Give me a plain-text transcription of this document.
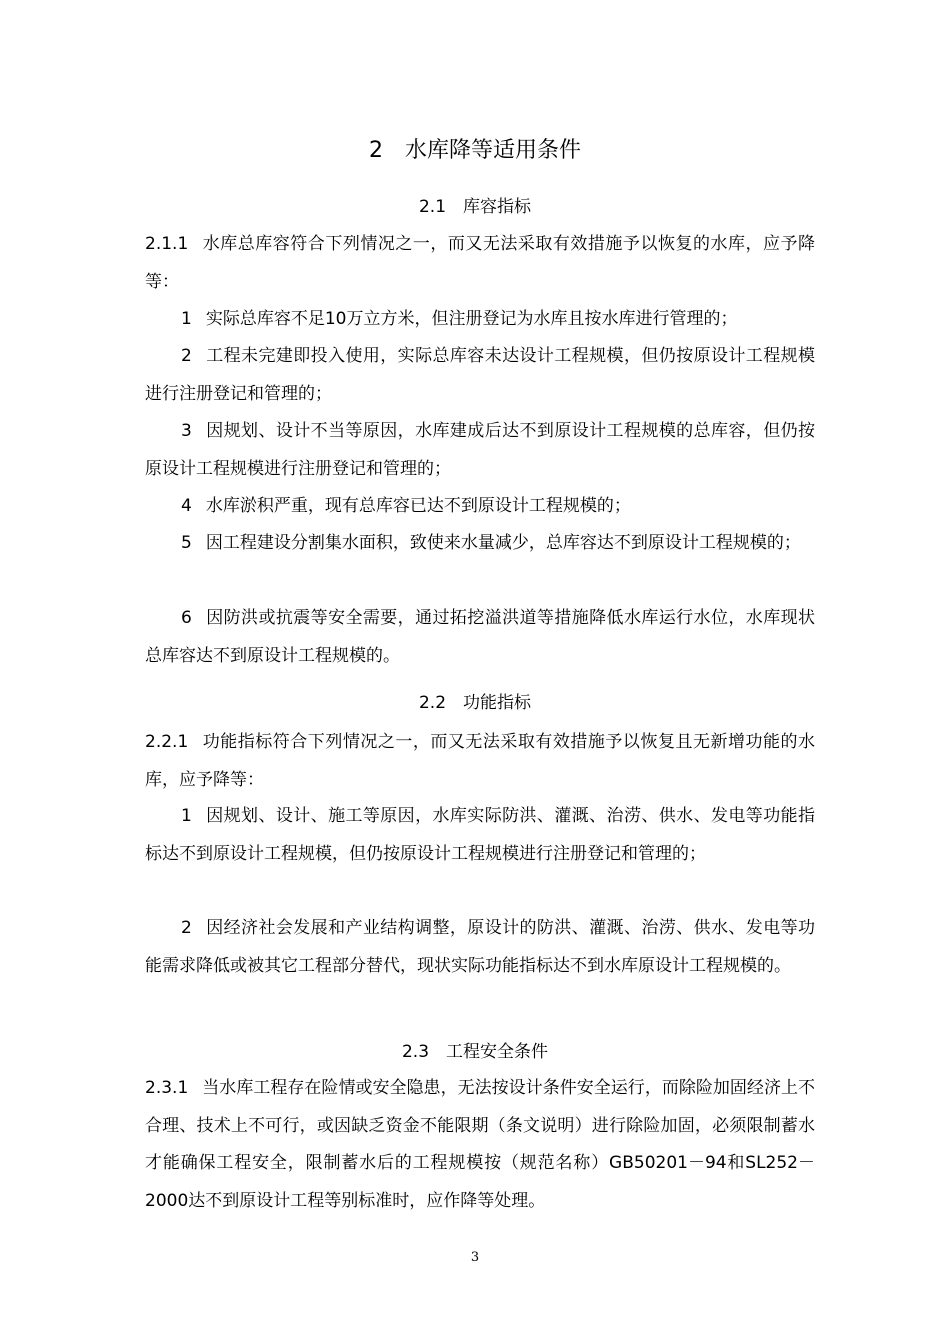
2　水库降等适用条件
2.1　库容指标

2.1.1 水库总库容符合下列情况之一，而又无法采取有效措施予以恢复的水库，应予降等：

1 实际总库容不足10万立方米，但注册登记为水库且按水库进行管理的；

2 工程未完建即投入使用，实际总库容未达设计工程规模，但仍按原设计工程规模进行注册登记和管理的；

3 因规划、设计不当等原因，水库建成后达不到原设计工程规模的总库容，但仍按原设计工程规模进行注册登记和管理的；

4 水库淤积严重，现有总库容已达不到原设计工程规模的；

5 因工程建设分割集水面积，致使来水量减少，总库容达不到原设计工程规模的；

6 因防洪或抗震等安全需要，通过拓挖溢洪道等措施降低水库运行水位，水库现状总库容达不到原设计工程规模的。

2.2　功能指标

2.2.1 功能指标符合下列情况之一，而又无法采取有效措施予以恢复且无新增功能的水库，应予降等：

1 因规划、设计、施工等原因，水库实际防洪、灌溉、治涝、供水、发电等功能指标达不到原设计工程规模，但仍按原设计工程规模进行注册登记和管理的；

2 因经济社会发展和产业结构调整，原设计的防洪、灌溉、治涝、供水、发电等功能需求降低或被其它工程部分替代，现状实际功能指标达不到水库原设计工程规模的。

2.3　工程安全条件

2.3.1 当水库工程存在险情或安全隐患，无法按设计条件安全运行，而除险加固经济上不合理、技术上不可行，或因缺乏资金不能限期（条文说明）进行除险加固，必须限制蓄水才能确保工程安全，限制蓄水后的工程规模按（规范名称）GB50201－94和SL252－2000达不到原设计工程等别标准时，应作降等处理。

3
